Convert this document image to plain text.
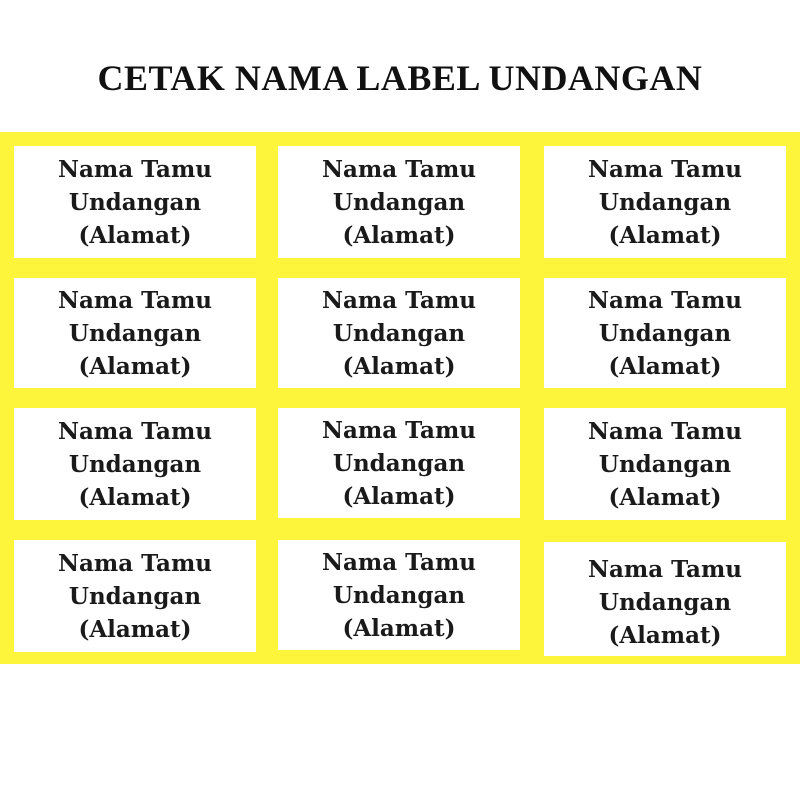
CETAK NAMA LABEL UNDANGAN
Nama Tamu
Undangan
(Alamat)
Nama Tamu
Undangan
(Alamat)
Nama Tamu
Undangan
(Alamat)
Nama Tamu
Undangan
(Alamat)
Nama Tamu
Undangan
(Alamat)
Nama Tamu
Undangan
(Alamat)
Nama Tamu
Undangan
(Alamat)
Nama Tamu
Undangan
(Alamat)
Nama Tamu
Undangan
(Alamat)
Nama Tamu
Undangan
(Alamat)
Nama Tamu
Undangan
(Alamat)
Nama Tamu
Undangan
(Alamat)
